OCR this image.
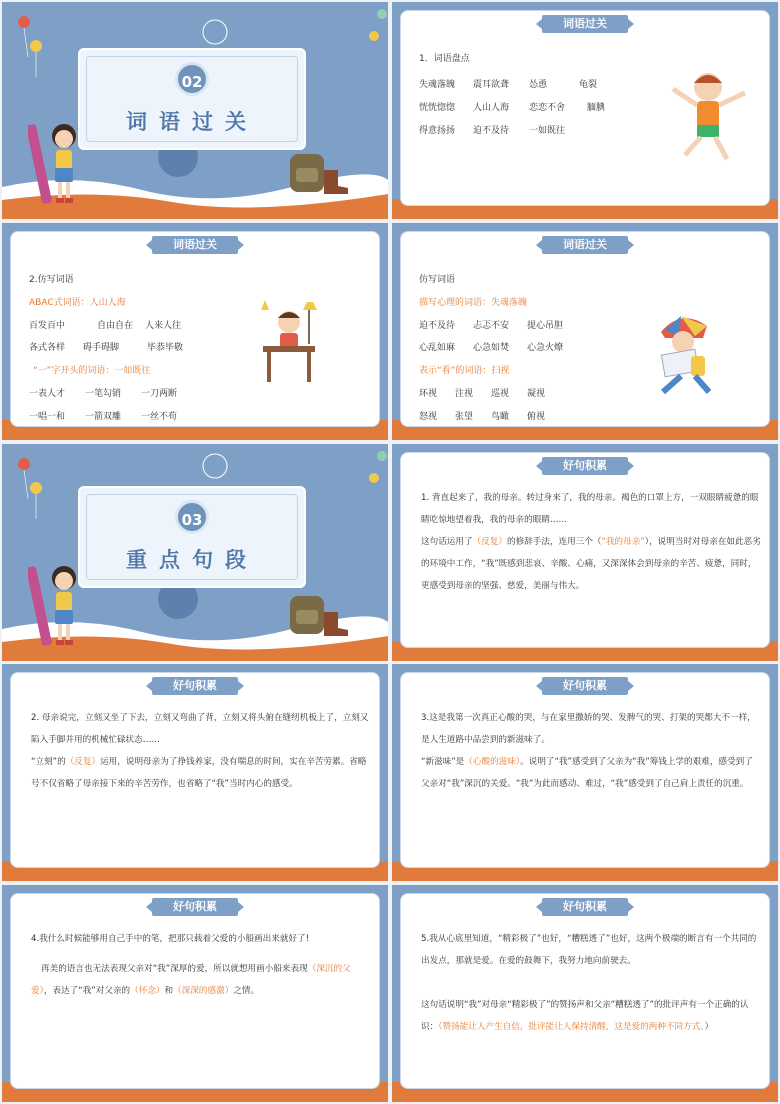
02
词语过关
词语过关
1．词语盘点
失魂落魄 震耳欲聋 怂恿	龟裂
恍恍惚惚 人山人海 恋恋不舍 腼腆
得意扬扬 迫不及待 一如既往
词语过关
2.仿写词语
ABAC式词语：人山人海
百发百中	自由自在 人来人往
各式各样 碍手碍脚	毕恭毕敬
“一”字开头的词语：一如既往
一表人才 一笔勾销 一刀两断
一唱一和 一箭双雕 一丝不苟
词语过关
仿写词语
描写心理的词语：失魂落魄
迫不及待 忐忑不安 提心吊胆
心乱如麻 心急如焚 心急火燎
表示“看”的词语：扫视
环视 注视 巡视 凝视
怒视 张望 鸟瞰 俯视
03
重点句段
好句积累
1. 背直起来了，我的母亲。转过身来了，我的母亲。褐色的口罩上方，一双眼睛疲惫的眼睛吃惊地望着我，我的母亲的眼睛……
这句话运用了（反复）的修辞手法，连用三个（“我的母亲”），说明当时对母亲在如此恶劣的环境中工作，“我”既感到悲哀、辛酸、心痛，又深深体会到母亲的辛苦、疲惫，同时，更感受到母亲的坚强、慈爱，美丽与伟大。
好句积累
2. 母亲说完，立刻又坐了下去，立刻又弯曲了背，立刻又将头俯在缝纫机板上了，立刻又陷入手脚并用的机械忙碌状态……
“立刻”的（反复）运用，说明母亲为了挣钱养家，没有喘息的时间，实在辛苦劳累。省略号不仅省略了母亲接下来的辛苦劳作，也省略了“我”当时内心的感受。
好句积累
3.这是我第一次真正心酸的哭，与在家里撒娇的哭、发脾气的哭、打架的哭都大不一样，是人生道路中品尝到的新滋味了。
“新滋味”是（心酸的滋味）。说明了“我”感受到了父亲为“我”筹钱上学的艰难，感受到了父亲对“我”深沉的关爱。“我”为此而感动、难过，“我”感受到了自己肩上责任的沉重。
好句积累
4.我什么时候能够用自己手中的笔，把那只载着父爱的小船画出来就好了!
再美的语言也无法表现父亲对“我”深厚的爱，所以就想用画小船来表现（深沉的父爱），表达了“我”对父亲的（怀念）和（深深的感激）之情。
好句积累
5.我从心底里知道，“精彩极了”也好，“糟糕透了”也好，这两个极端的断言有一个共同的出发点，那就是爱。在爱的鼓舞下，我努力地向前驶去。
这句话说明“我”对母亲“精彩极了”的赞扬声和父亲“糟糕透了”的批评声有一个正确的认识：（赞扬能让人产生自信，批评能让人保持清醒，这是爱的两种不同方式。）
